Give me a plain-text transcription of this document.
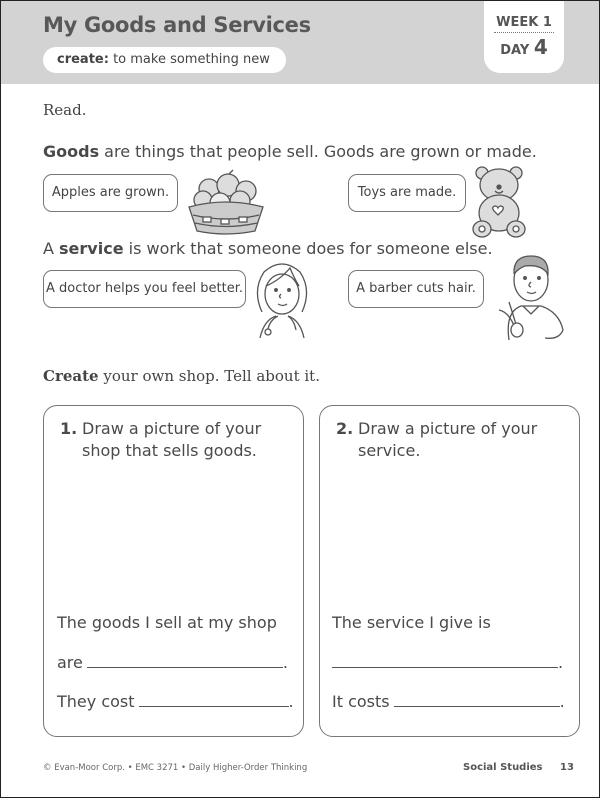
My Goods and Services
create: to make something new
WEEK 1
DAY 4
Read.
Goods are things that people sell. Goods are grown or made.
Apples are grown.	Toys are made.
A service is work that someone does for someone else.
A doctor helps you feel better.	A barber cuts hair.
Create your own shop. Tell about it.
1. Draw a picture of your
shop that sells goods.
The goods I sell at my shop
are	.
They cost	.
2. Draw a picture of your
service.
The service I give is
.
It costs	.
© Evan-Moor Corp. • EMC 3271 • Daily Higher-Order Thinking	Social Studies 13
